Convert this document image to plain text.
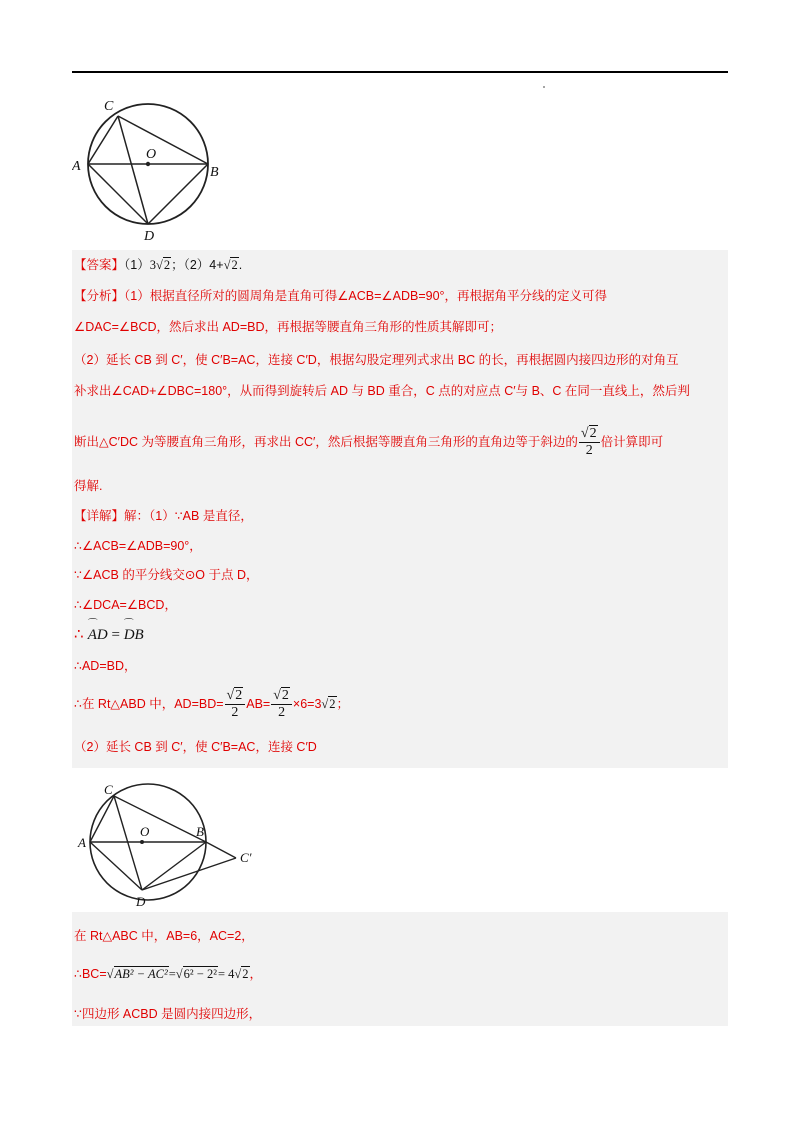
C
A
O
B
D
【答案】（1）3√2；（2）4+√2.
【分析】（1）根据直径所对的圆周角是直角可得∠ACB=∠ADB=90°，再根据角平分线的定义可得
∠DAC=∠BCD，然后求出 AD=BD，再根据等腰直角三角形的性质其解即可；
（2）延长 CB 到 C′，使 C′B=AC，连接 C′D，根据勾股定理列式求出 BC 的长，再根据圆内接四边形的对角互
补求出∠CAD+∠DBC=180°，从而得到旋转后 AD 与 BD 重合，C 点的对应点 C′与 B、C 在同一直线上，然后判
断出△C′DC 为等腰直角三角形，再求出 CC′，然后根据等腰直角三角形的直角边等于斜边的 $\frac{√2}{2}$ 倍计算即可
得解.
【详解】解：（1）∵AB 是直径，
∴∠ACB=∠ADB=90°，
∵∠ACB 的平分线交⊙O 于点 D，
∴∠DCA=∠BCD，
∴ ⌒ AD = ⌒ DB
∴AD=BD，
∴在 Rt△ABD 中，$AD=BD= \frac{√2}{2} AB= \frac{√2}{2} \times 6=3√2$；
（2）延长 CB 到 C′，使 C′B=AC，连接 C′D
C
A
O	B
D
C′
在 Rt△ABC 中，AB=6，AC=2，
∴BC=√AB² − AC²=√6² − 2²= 4√2，
∵四边形 ACBD 是圆内接四边形，
